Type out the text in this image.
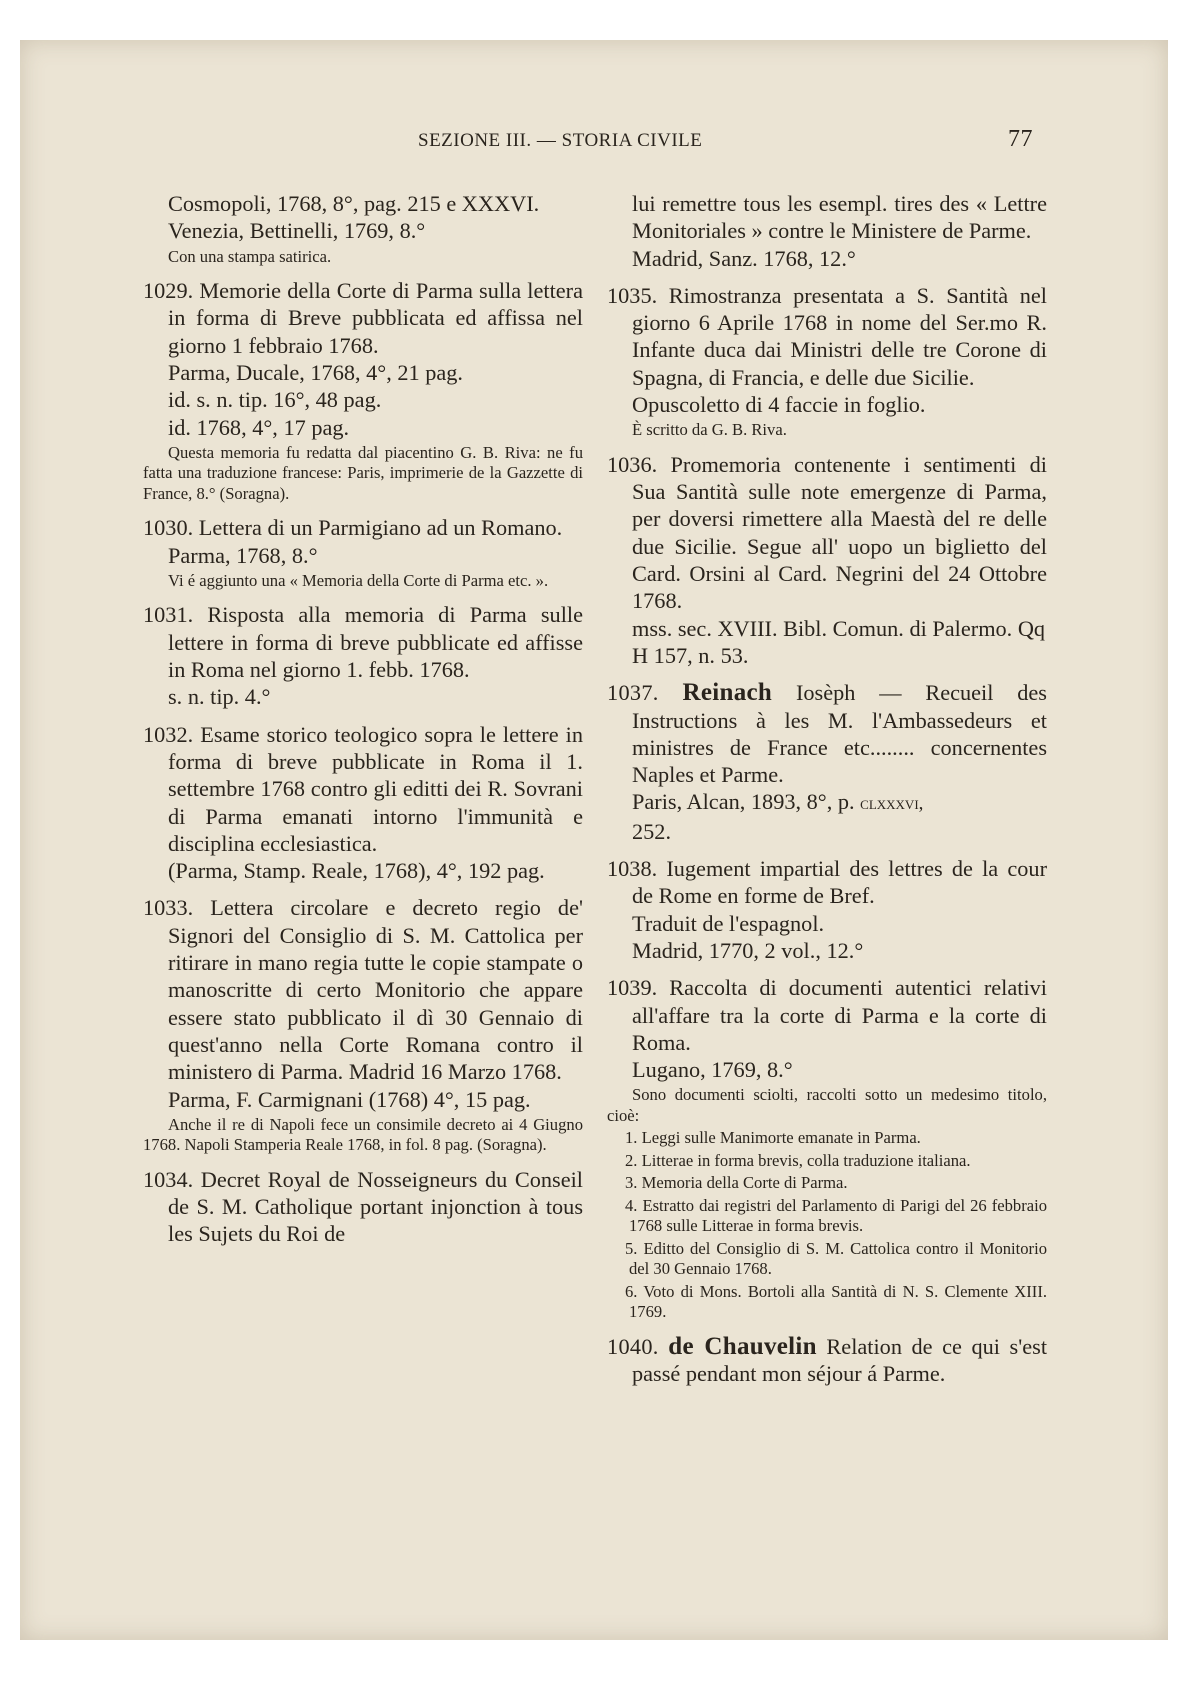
SEZIONE III. — STORIA CIVILE	77
Cosmopoli, 1768, 8°, pag. 215 e XXXVI.
Venezia, Bettinelli, 1769, 8.°
Con una stampa satirica.
1029. Memorie della Corte di Parma sulla lettera in forma di Breve pubblicata ed affissa nel giorno 1 febbraio 1768.
Parma, Ducale, 1768, 4°, 21 pag.
id. s. n. tip. 16°, 48 pag.
id. 1768, 4°, 17 pag.
Questa memoria fu redatta dal piacentino G. B. Riva: ne fu fatta una traduzione francese: Paris, imprimerie de la Gazzette di France, 8.° (Soragna).
1030. Lettera di un Parmigiano ad un Romano.
Parma, 1768, 8.°
Vi é aggiunto una « Memoria della Corte di Parma etc. ».
1031. Risposta alla memoria di Parma sulle lettere in forma di breve pubblicate ed affisse in Roma nel giorno 1. febb. 1768.
s. n. tip. 4.°
1032. Esame storico teologico sopra le lettere in forma di breve pubblicate in Roma il 1. settembre 1768 contro gli editti dei R. Sovrani di Parma emanati intorno l'immunità e disciplina ecclesiastica.
(Parma, Stamp. Reale, 1768), 4°, 192 pag.
1033. Lettera circolare e decreto regio de' Signori del Consiglio di S. M. Cattolica per ritirare in mano regia tutte le copie stampate o manoscritte di certo Monitorio che appare essere stato pubblicato il dì 30 Gennaio di quest'anno nella Corte Romana contro il ministero di Parma. Madrid 16 Marzo 1768.
Parma, F. Carmignani (1768) 4°, 15 pag.
Anche il re di Napoli fece un consimile decreto ai 4 Giugno 1768. Napoli Stamperia Reale 1768, in fol. 8 pag. (Soragna).
1034. Decret Royal de Nosseigneurs du Conseil de S. M. Catholique portant injonction à tous les Sujets du Roi de
lui remettre tous les esempl. tires des « Lettre Monitoriales » contre le Ministere de Parme.
Madrid, Sanz. 1768, 12.°
1035. Rimostranza presentata a S. Santità nel giorno 6 Aprile 1768 in nome del Ser.mo R. Infante duca dai Ministri delle tre Corone di Spagna, di Francia, e delle due Sicilie.
Opuscoletto di 4 faccie in foglio.
È scritto da G. B. Riva.
1036. Promemoria contenente i sentimenti di Sua Santità sulle note emergenze di Parma, per doversi rimettere alla Maestà del re delle due Sicilie. Segue all' uopo un biglietto del Card. Orsini al Card. Negrini del 24 Ottobre 1768.
mss. sec. XVIII. Bibl. Comun. di Palermo. Qq H 157, n. 53.
1037. Reinach Iosèph — Recueil des Instructions à les M. l'Ambassedeurs et ministres de France etc........ concernentes Naples et Parme.
Paris, Alcan, 1893, 8°, p. clxxxvi,
252.
1038. Iugement impartial des lettres de la cour de Rome en forme de Bref.
Traduit de l'espagnol.
Madrid, 1770, 2 vol., 12.°
1039. Raccolta di documenti autentici relativi all'affare tra la corte di Parma e la corte di Roma.
Lugano, 1769, 8.°
Sono documenti sciolti, raccolti sotto un medesimo titolo, cioè:
1. Leggi sulle Manimorte emanate in Parma.
2. Litterae in forma brevis, colla traduzione italiana.
3. Memoria della Corte di Parma.
4. Estratto dai registri del Parlamento di Parigi del 26 febbraio 1768 sulle Litterae in forma brevis.
5. Editto del Consiglio di S. M. Cattolica contro il Monitorio del 30 Gennaio 1768.
6. Voto di Mons. Bortoli alla Santità di N. S. Clemente XIII. 1769.
1040. de Chauvelin Relation de ce qui s'est passé pendant mon séjour á Parme.
